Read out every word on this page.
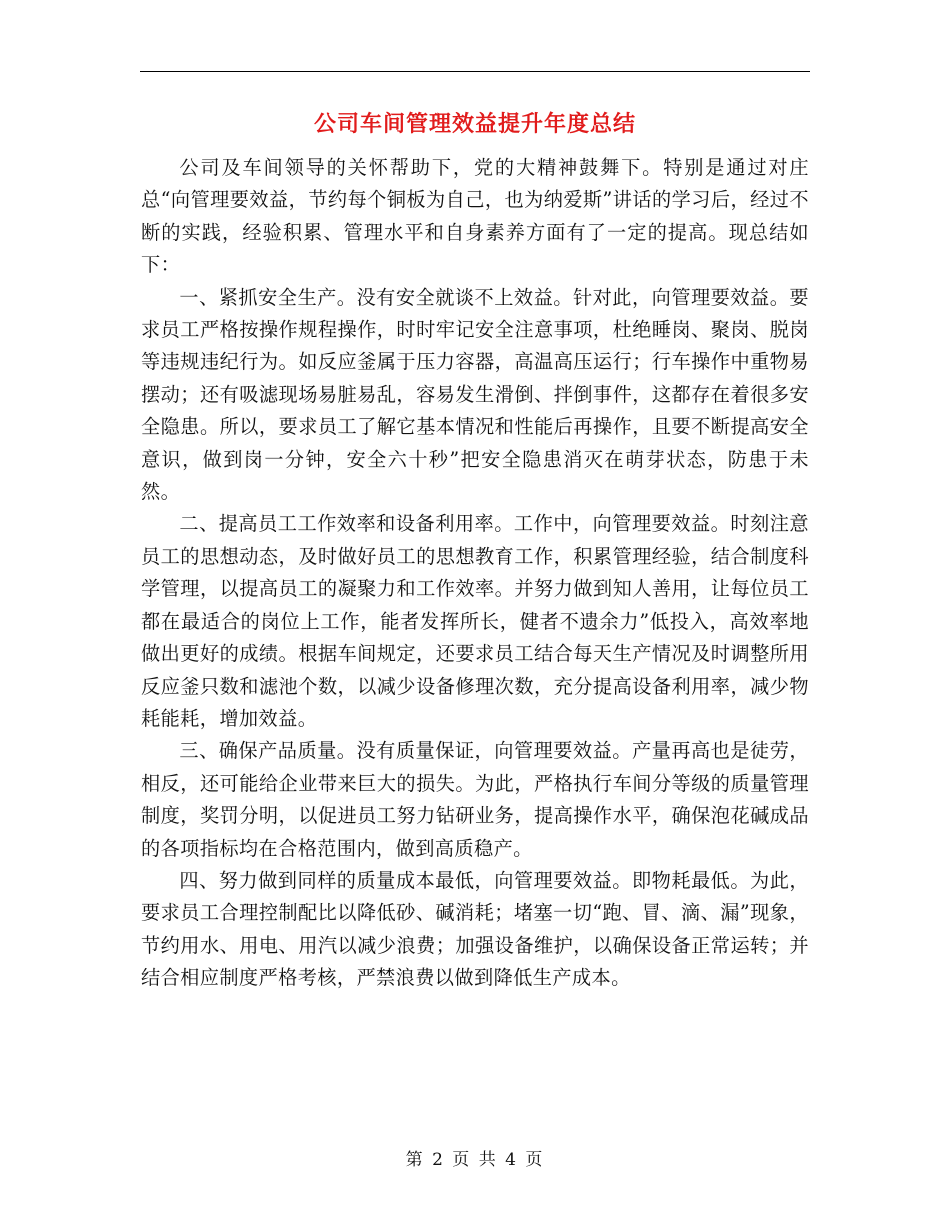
公司车间管理效益提升年度总结

公司及车间领导的关怀帮助下，党的大精神鼓舞下。特别是通过对庄总“向管理要效益，节约每个铜板为自己，也为纳爱斯”讲话的学习后，经过不断的实践，经验积累、管理水平和自身素养方面有了一定的提高。现总结如下：

一、紧抓安全生产。没有安全就谈不上效益。针对此，向管理要效益。要求员工严格按操作规程操作，时时牢记安全注意事项，杜绝睡岗、聚岗、脱岗等违规违纪行为。如反应釜属于压力容器，高温高压运行；行车操作中重物易摆动；还有吸滤现场易脏易乱，容易发生滑倒、拌倒事件，这都存在着很多安全隐患。所以，要求员工了解它基本情况和性能后再操作，且要不断提高安全意识，做到岗一分钟，安全六十秒”把安全隐患消灭在萌芽状态，防患于未然。

二、提高员工工作效率和设备利用率。工作中，向管理要效益。时刻注意员工的思想动态，及时做好员工的思想教育工作，积累管理经验，结合制度科学管理，以提高员工的凝聚力和工作效率。并努力做到知人善用，让每位员工都在最适合的岗位上工作，能者发挥所长，健者不遗余力”低投入，高效率地做出更好的成绩。根据车间规定，还要求员工结合每天生产情况及时调整所用反应釜只数和滤池个数，以减少设备修理次数，充分提高设备利用率，减少物耗能耗，增加效益。

三、确保产品质量。没有质量保证，向管理要效益。产量再高也是徒劳，相反，还可能给企业带来巨大的损失。为此，严格执行车间分等级的质量管理制度，奖罚分明，以促进员工努力钻研业务，提高操作水平，确保泡花碱成品的各项指标均在合格范围内，做到高质稳产。

四、努力做到同样的质量成本最低，向管理要效益。即物耗最低。为此，要求员工合理控制配比以降低砂、碱消耗；堵塞一切“跑、冒、滴、漏”现象，节约用水、用电、用汽以减少浪费；加强设备维护，以确保设备正常运转；并结合相应制度严格考核，严禁浪费以做到降低生产成本。

第 2 页 共 4 页
